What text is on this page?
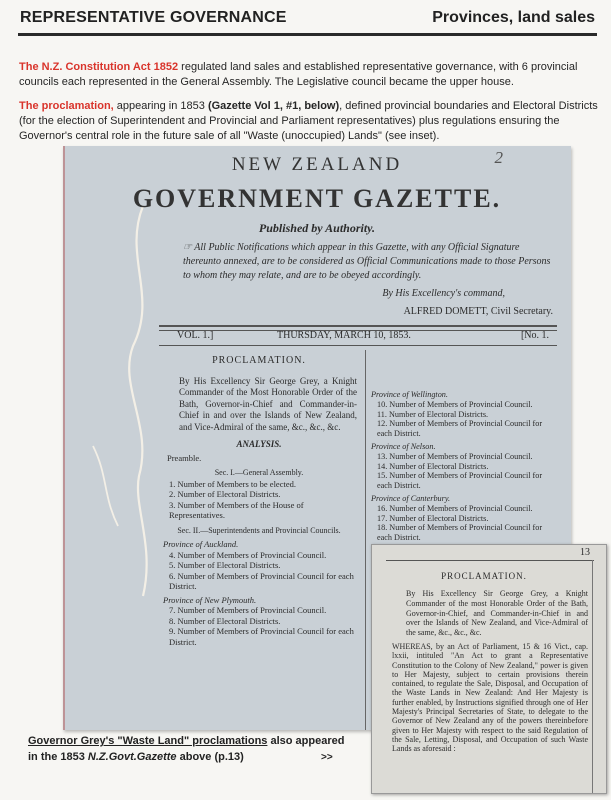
REPRESENTATIVE GOVERNANCE	Provinces, land sales
The N.Z. Constitution Act 1852 regulated land sales and established representative governance, with 6 provincial councils each represented in the General Assembly. The Legislative council became the upper house.
The proclamation, appearing in 1853 (Gazette Vol 1, #1, below), defined provincial boundaries and Electoral Districts (for the election of Superintendent and Provincial and Parliament representatives) plus regulations ensuring the Governor's central role in the future sale of all "Waste (unoccupied) Lands" (see inset).
NEW ZEALAND	2
GOVERNMENT GAZETTE.
Published by Authority.
☞ All Public Notifications which appear in this Gazette, with any Official Signature thereunto annexed, are to be considered as Official Communications made to those Persons to whom they may relate, and are to be obeyed accordingly.
By His Excellency's command,
ALFRED DOMETT, Civil Secretary.
VOL. 1.]	THURSDAY, MARCH 10, 1853.	[No. 1.
PROCLAMATION.
By His Excellency Sir George Grey, a Knight Commander of the Most Honorable Order of the Bath, Governor-in-Chief and Commander-in-Chief in and over the Islands of New Zealand, and Vice-Admiral of the same, &c., &c., &c.
ANALYSIS.
Preamble.
Sec. I.—General Assembly.
1. Number of Members to be elected.
2. Number of Electoral Districts.
3. Number of Members of the House of Representatives.
Sec. II.—Superintendents and Provincial Councils.
Province of Auckland.
4. Number of Members of Provincial Council.
5. Number of Electoral Districts.
6. Number of Members of Provincial Council for each District.
Province of New Plymouth.
7. Number of Members of Provincial Council.
8. Number of Electoral Districts.
9. Number of Members of Provincial Council for each District.
Province of Wellington.
10. Number of Members of Provincial Council.
11. Number of Electoral Districts.
12. Number of Members of Provincial Council for each District.
Province of Nelson.
13. Number of Members of Provincial Council.
14. Number of Electoral Districts.
15. Number of Members of Provincial Council for each District.
Province of Canterbury.
16. Number of Members of Provincial Council.
17. Number of Electoral Districts.
18. Number of Members of Provincial Council for each District.
13
PROCLAMATION.
By His Excellency Sir George Grey, a Knight Commander of the most Honorable Order of the Bath, Governor-in-Chief, and Commander-in-Chief in and over the Islands of New Zealand, and Vice-Admiral of the same, &c., &c., &c.
WHEREAS, by an Act of Parliament, 15 & 16 Vict., cap. lxxii, intituled "An Act to grant a Representative Constitution to the Colony of New Zealand," power is given to Her Majesty, subject to certain provisions therein contained, to regulate the Sale, Disposal, and Occupation of the Waste Lands in New Zealand: And Her Majesty is further enabled, by Instructions signified through one of Her Majesty's Principal Secretaries of State, to delegate to the Governor of New Zealand any of the powers thereinbefore given to Her Majesty with respect to the said Regulation of the Sale, Letting, Disposal, and Occupation of such Waste Lands as aforesaid :
Governor Grey's "Waste Land" proclamations also appeared
in the 1853 N.Z.Govt.Gazette above (p.13)	>>
